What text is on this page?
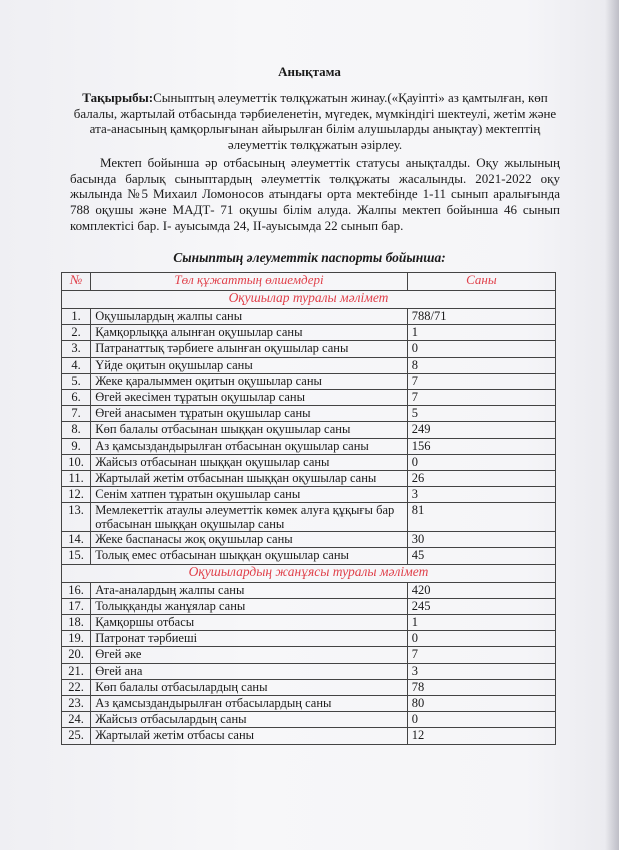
Анықтама
Тақырыбы:Сыныптың әлеуметтік төлқұжатын жинау.(«Қауіпті» аз қамтылған, көп балалы, жартылай отбасында тәрбиеленетін, мүгедек, мүмкіндігі шектеулі, жетім және ата-анасының қамқорлығынан айырылған білім алушыларды анықтау) мектептің әлеуметтік төлқұжатын әзірлеу.
Мектеп бойынша әр отбасының әлеуметтік статусы анықталды. Оқу жылының басында барлық сыныптардың әлеуметтік төлқұжаты жасалынды. 2021-2022 оқу жылында №5 Михаил Ломоносов атындағы орта мектебінде 1-11 сынып аралығында 788 оқушы және МАДТ- 71 оқушы білім алуда. Жалпы мектеп бойынша 46 сынып комплектісі бар. I- ауысымда 24, II-ауысымда 22 сынып бар.
Сыныптың әлеуметтік паспорты бойынша:
№	Төл құжаттың өлшемдері	Саны
Оқушылар туралы мәлімет		
1.	Оқушылардың жалпы саны	788/71
2.	Қамқорлыққа алынған оқушылар саны	1
3.	Патранаттық тәрбиеге алынған оқушылар саны	0
4.	Үйде оқитын оқушылар саны	8
5.	Жеке қаралыммен оқитын оқушылар саны	7
6.	Өгей әкесімен тұратын оқушылар саны	7
7.	Өгей анасымен тұратын оқушылар саны	5
8.	Көп балалы отбасынан шыққан оқушылар саны	249
9.	Аз қамсыздандырылған отбасынан оқушылар саны	156
10.	Жайсыз отбасынан шыққан оқушылар саны	0
11.	Жартылай жетім отбасынан шыққан оқушылар саны	26
12.	Сенім хатпен тұратын оқушылар саны	3
13.	Мемлекеттік атаулы әлеуметтік көмек алуға құқығы бар отбасынан шыққан оқушылар саны	81
14.	Жеке баспанасы жоқ оқушылар саны	30
15.	Толық емес отбасынан шыққан оқушылар саны	45
Оқушылардың жанұясы туралы мәлімет		
16.	Ата-аналардың жалпы саны	420
17.	Толыққанды жанұялар саны	245
18.	Қамқоршы отбасы	1
19.	Патронат тәрбиеші	0
20.	Өгей әке	7
21.	Өгей ана	3
22.	Көп балалы отбасылардың саны	78
23.	Аз қамсыздандырылған отбасылардың саны	80
24.	Жайсыз отбасылардың саны	0
25.	Жартылай жетім отбасы саны	12
